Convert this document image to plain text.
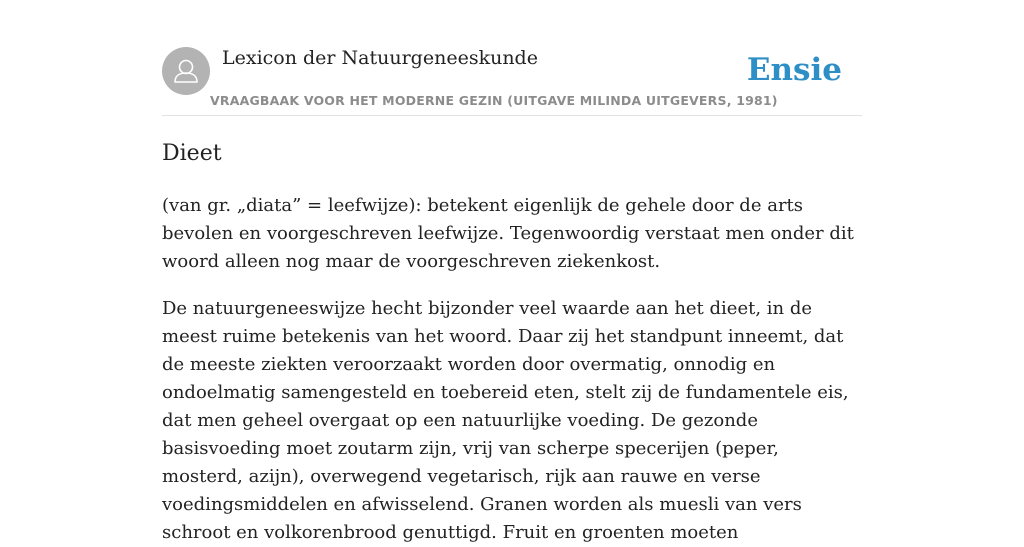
Lexicon der Natuurgeneeskunde
VRAAGBAAK VOOR HET MODERNE GEZIN (UITGAVE MILINDA UITGEVERS, 1981)
Ensie
Dieet

(van gr. „diata” = leefwijze): betekent eigenlijk de gehele door de arts bevolen en voorgeschreven leefwijze. Tegenwoordig verstaat men onder dit woord alleen nog maar de voorgeschreven ziekenkost.

De natuurgeneeswijze hecht bijzonder veel waarde aan het dieet, in de meest ruime betekenis van het woord. Daar zij het standpunt inneemt, dat de meeste ziekten veroorzaakt worden door overmatig, onnodig en ondoelmatig samengesteld en toebereid eten, stelt zij de fundamentele eis, dat men geheel overgaat op een natuurlijke voeding. De gezonde basisvoeding moet zoutarm zijn, vrij van scherpe specerijen (peper, mosterd, azijn), overwegend vegetarisch, rijk aan rauwe en verse voedingsmiddelen en afwisselend. Granen worden als muesli van vers schroot en volkorenbrood genuttigd. Fruit en groenten moeten
